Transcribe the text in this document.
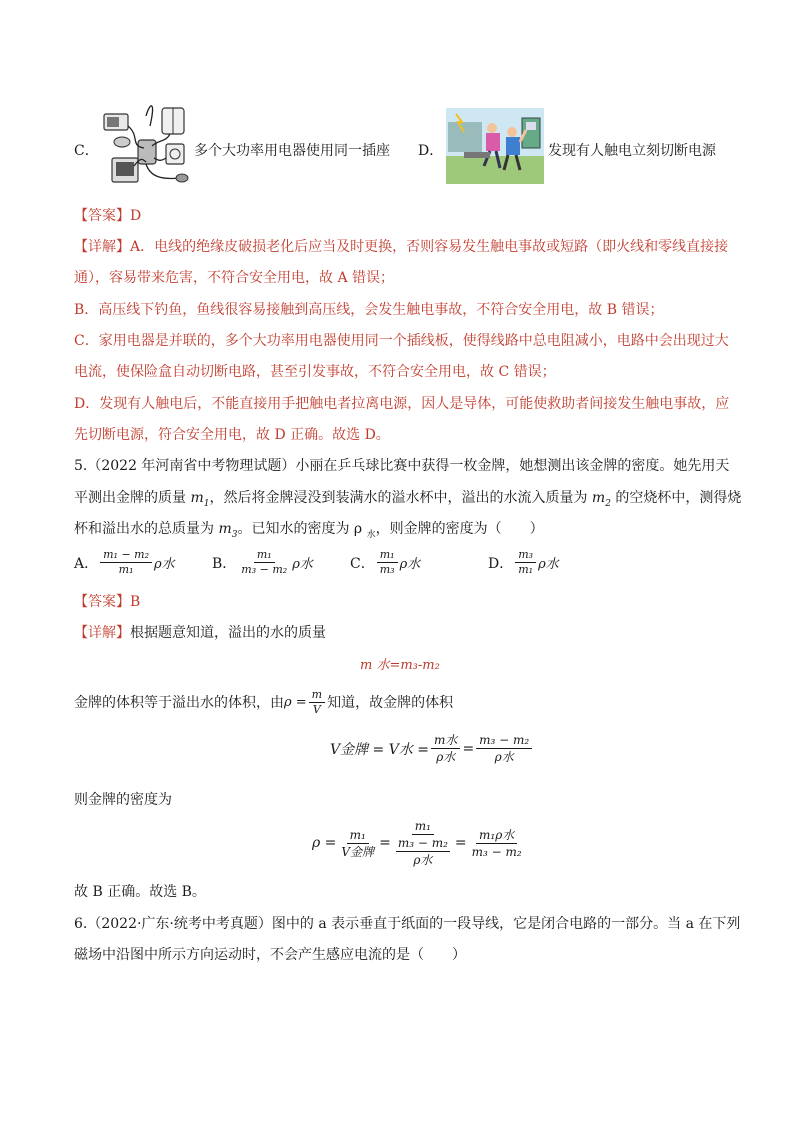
C．	多个大功率用电器使用同一插座 D．	发现有人触电立刻切断电源
【答案】D
【详解】A．电线的绝缘皮破损老化后应当及时更换，否则容易发生触电事故或短路（即火线和零线直接接
通），容易带来危害，不符合安全用电，故 A 错误；
B．高压线下钓鱼，鱼线很容易接触到高压线，会发生触电事故，不符合安全用电，故 B 错误；
C．家用电器是并联的，多个大功率用电器使用同一个插线板，使得线路中总电阻减小，电路中会出现过大
电流，使保险盒自动切断电路，甚至引发事故，不符合安全用电，故 C 错误；
D．发现有人触电后，不能直接用手把触电者拉离电源，因人是导体，可能使救助者间接发生触电事故，应
先切断电源，符合安全用电，故 D 正确。故选 D。
5.（2022 年河南省中考物理试题）小丽在乒乓球比赛中获得一枚金牌，她想测出该金牌的密度。她先用天
平测出金牌的质量 $m_1$，然后将金牌浸没到装满水的溢水杯中，溢出的水流入质量为 $m_2$ 的空烧杯中，测得烧
杯和溢出水的总质量为 $m_3$。已知水的密度为 ρ $_水$，则金牌的密度为（　　）
A． $\frac{\text{m₁ − m₂}}{\text{m₁}}$ ρ水	B． $\frac{\text{m₁}}{\text{m₃ − m₂}}$ ρ水	C． $\frac{\text{m₁}}{\text{m₃}}$ ρ水	D． $\frac{\text{m₃}}{\text{m₁}}$ ρ水
【答案】B
【详解】根据题意知道，溢出的水的质量
m 水=m₃-m₂
金牌的体积等于溢出水的体积，由 $\rho = \frac{m}{V}$ 知道，故金牌的体积
V金牌 = V水 = $\frac{\text{m水}}{\text{ρ水}} = \frac{\text{m₃ − m₂}}{\text{ρ水}}$
则金牌的密度为
$\rho = \frac{\text{m₁}}{\text{V金牌}} = m_1$
m₃ − m₂
ρ水 = $\frac{\text{m₁ρ水}}{\text{m₃ − m₂}}$
故 B 正确。故选 B。
6.（2022·广东·统考中考真题）图中的 a 表示垂直于纸面的一段导线，它是闭合电路的一部分。当 a 在下列
磁场中沿图中所示方向运动时，不会产生感应电流的是（　　）
